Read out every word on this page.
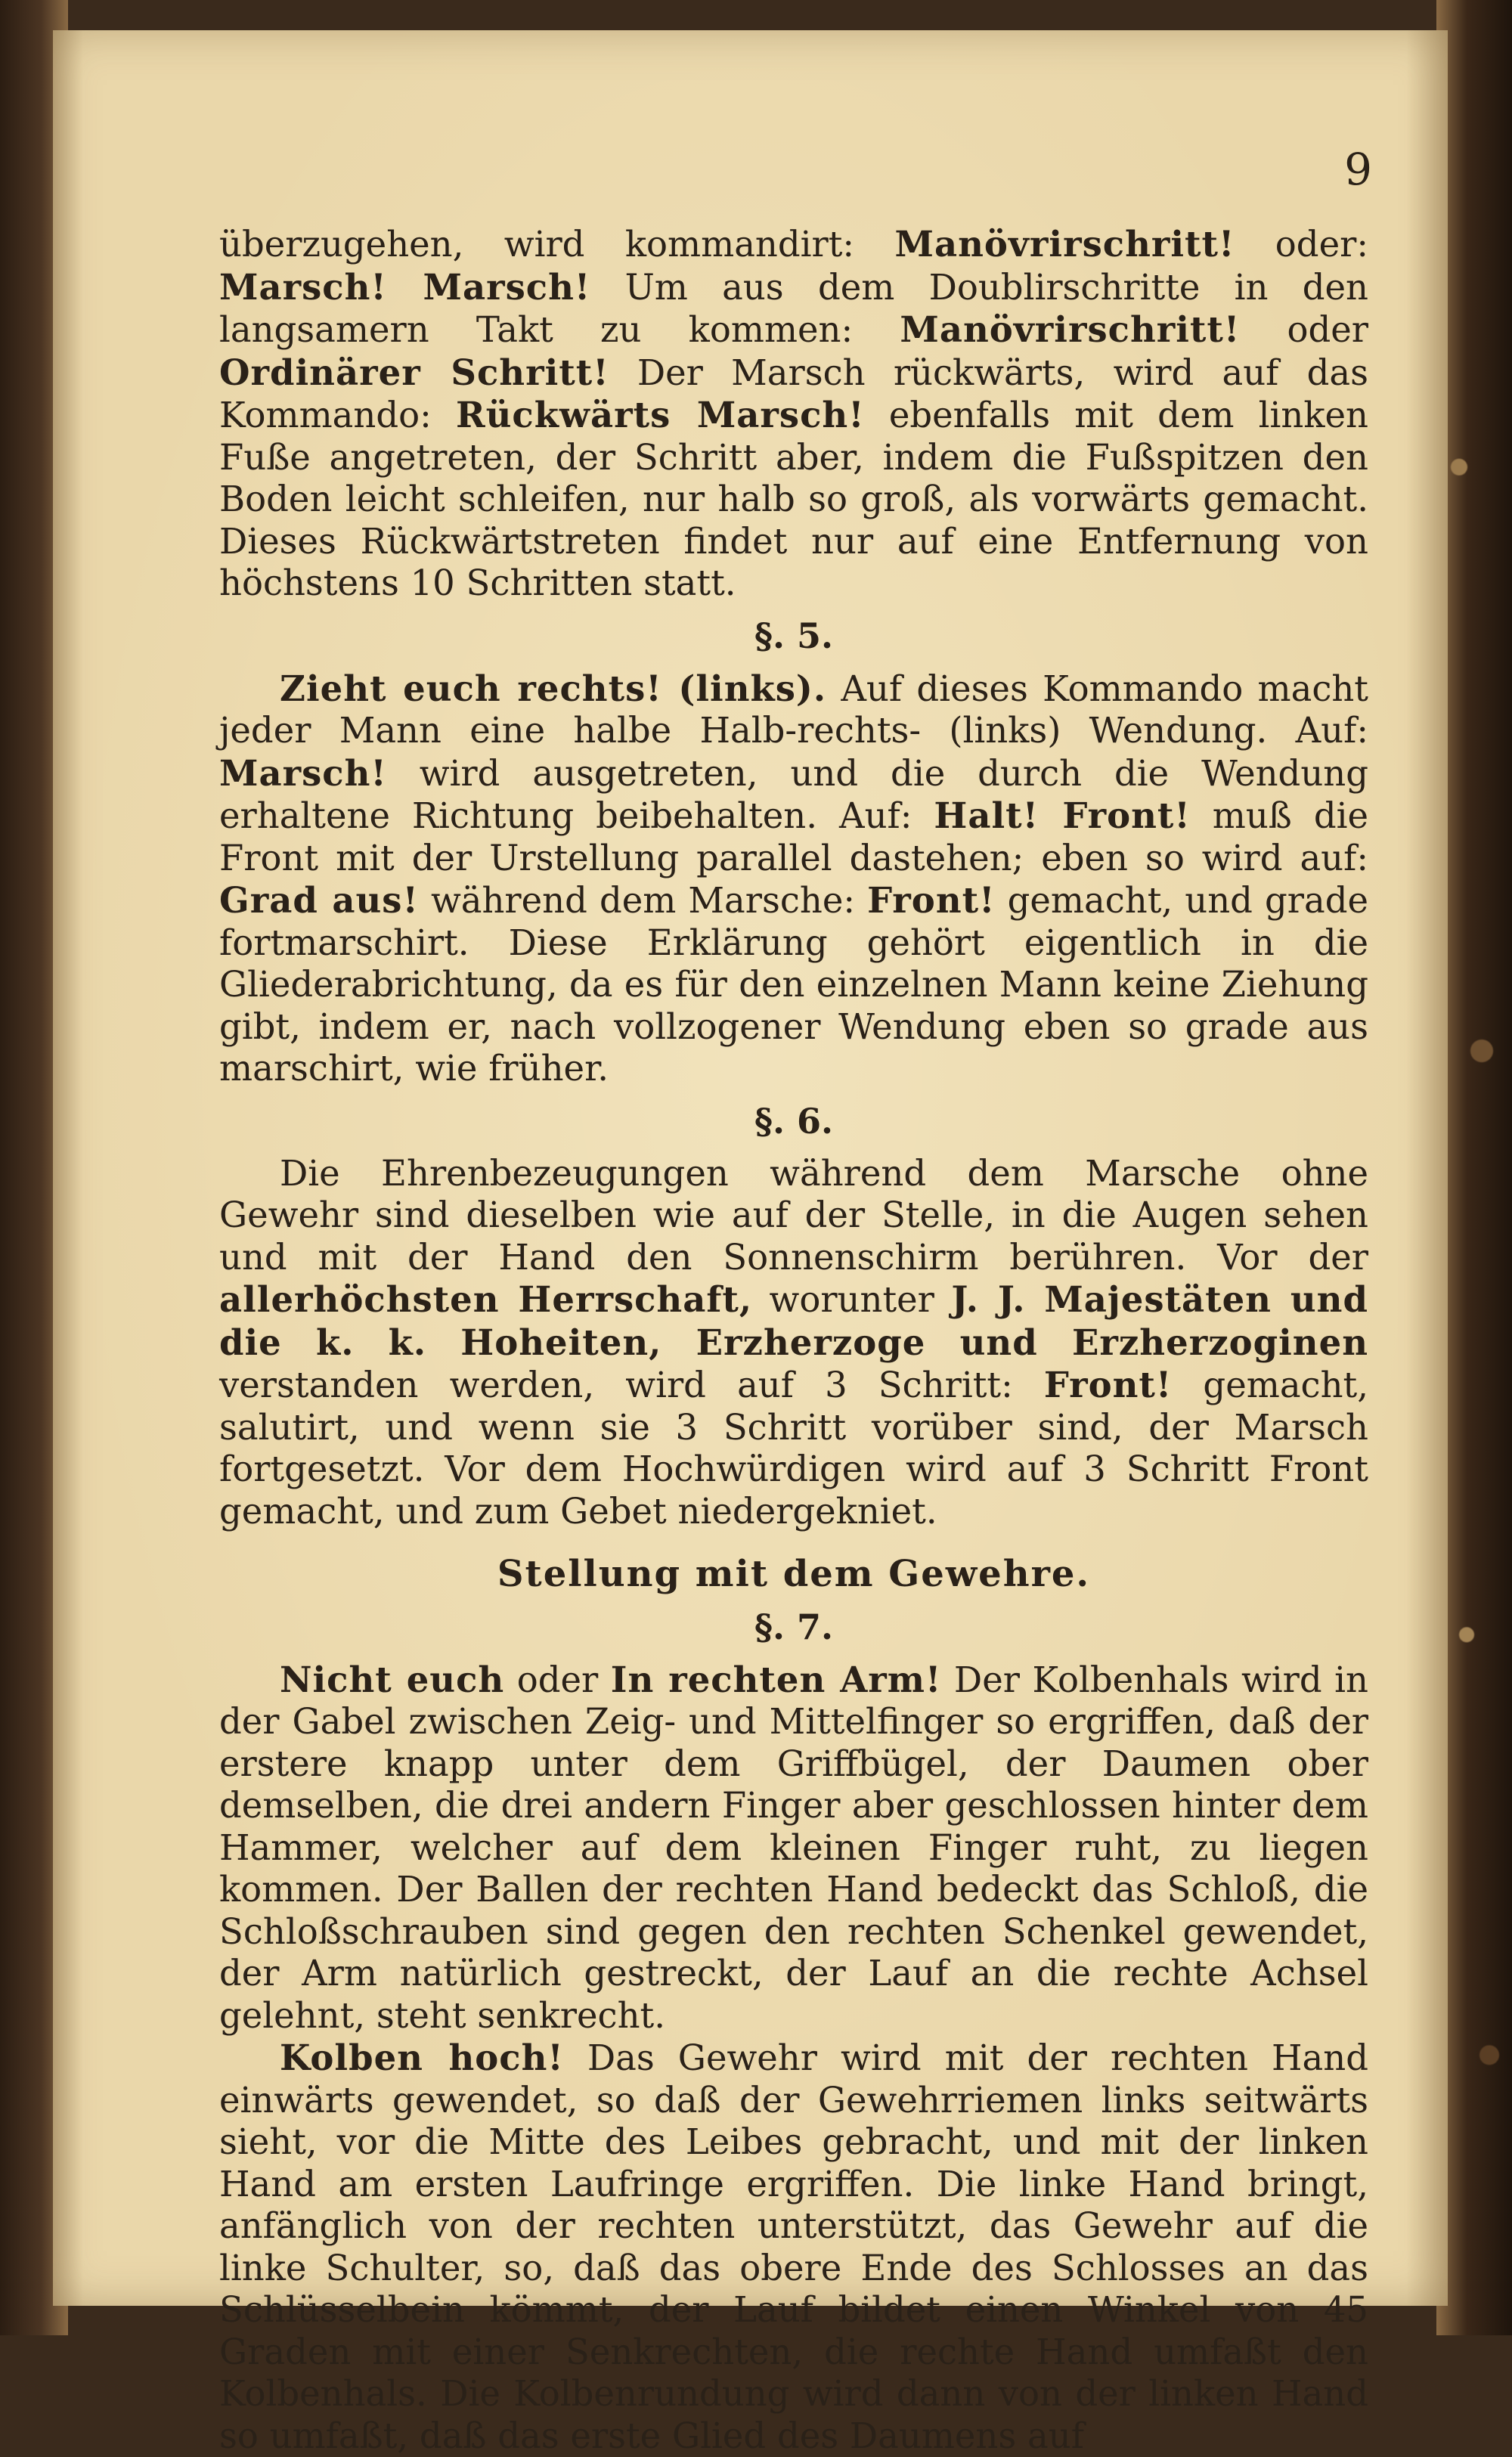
9

überzugehen, wird kommandirt: Manövrirschritt! oder: Marsch! Marsch! Um aus dem Doublirschritte in den langsamern Takt zu kommen: Manövrirschritt! oder Ordinärer Schritt! Der Marsch rückwärts, wird auf das Kommando: Rückwärts Marsch! ebenfalls mit dem linken Fuße angetreten, der Schritt aber, indem die Fußspitzen den Boden leicht schleifen, nur halb so groß, als vorwärts gemacht. Dieses Rückwärtstreten findet nur auf eine Entfernung von höchstens 10 Schritten statt.

§. 5.

Zieht euch rechts! (links). Auf dieses Kommando macht jeder Mann eine halbe Halb-rechts- (links) Wendung. Auf: Marsch! wird ausgetreten, und die durch die Wendung erhaltene Richtung beibehalten. Auf: Halt! Front! muß die Front mit der Urstellung parallel dastehen; eben so wird auf: Grad aus! während dem Marsche: Front! gemacht, und grade fortmarschirt. Diese Erklärung gehört eigentlich in die Gliederabrichtung, da es für den einzelnen Mann keine Ziehung gibt, indem er, nach vollzogener Wendung eben so grade aus marschirt, wie früher.

§. 6.

Die Ehrenbezeugungen während dem Marsche ohne Gewehr sind dieselben wie auf der Stelle, in die Augen sehen und mit der Hand den Sonnenschirm berühren. Vor der allerhöchsten Herrschaft, worunter J. J. Majestäten und die k. k. Hoheiten, Erzherzoge und Erzherzoginen verstanden werden, wird auf 3 Schritt: Front! gemacht, salutirt, und wenn sie 3 Schritt vorüber sind, der Marsch fortgesetzt. Vor dem Hochwürdigen wird auf 3 Schritt Front gemacht, und zum Gebet niedergekniet.

Stellung mit dem Gewehre.
§. 7.

Nicht euch oder In rechten Arm! Der Kolbenhals wird in der Gabel zwischen Zeig- und Mittelfinger so ergriffen, daß der erstere knapp unter dem Griffbügel, der Daumen ober demselben, die drei andern Finger aber geschlossen hinter dem Hammer, welcher auf dem kleinen Finger ruht, zu liegen kommen. Der Ballen der rechten Hand bedeckt das Schloß, die Schloßschrauben sind gegen den rechten Schenkel gewendet, der Arm natürlich gestreckt, der Lauf an die rechte Achsel gelehnt, steht senkrecht.

Kolben hoch! Das Gewehr wird mit der rechten Hand einwärts gewendet, so daß der Gewehrriemen links seitwärts sieht, vor die Mitte des Leibes gebracht, und mit der linken Hand am ersten Laufringe ergriffen. Die linke Hand bringt, anfänglich von der rechten unterstützt, das Gewehr auf die linke Schulter, so, daß das obere Ende des Schlosses an das Schlüsselbein kömmt, der Lauf bildet einen Winkel von 45 Graden mit einer Senkrechten, die rechte Hand umfaßt den Kolbenhals. Die Kolbenrundung wird dann von der linken Hand so umfaßt, daß das erste Glied des Daumens auf
